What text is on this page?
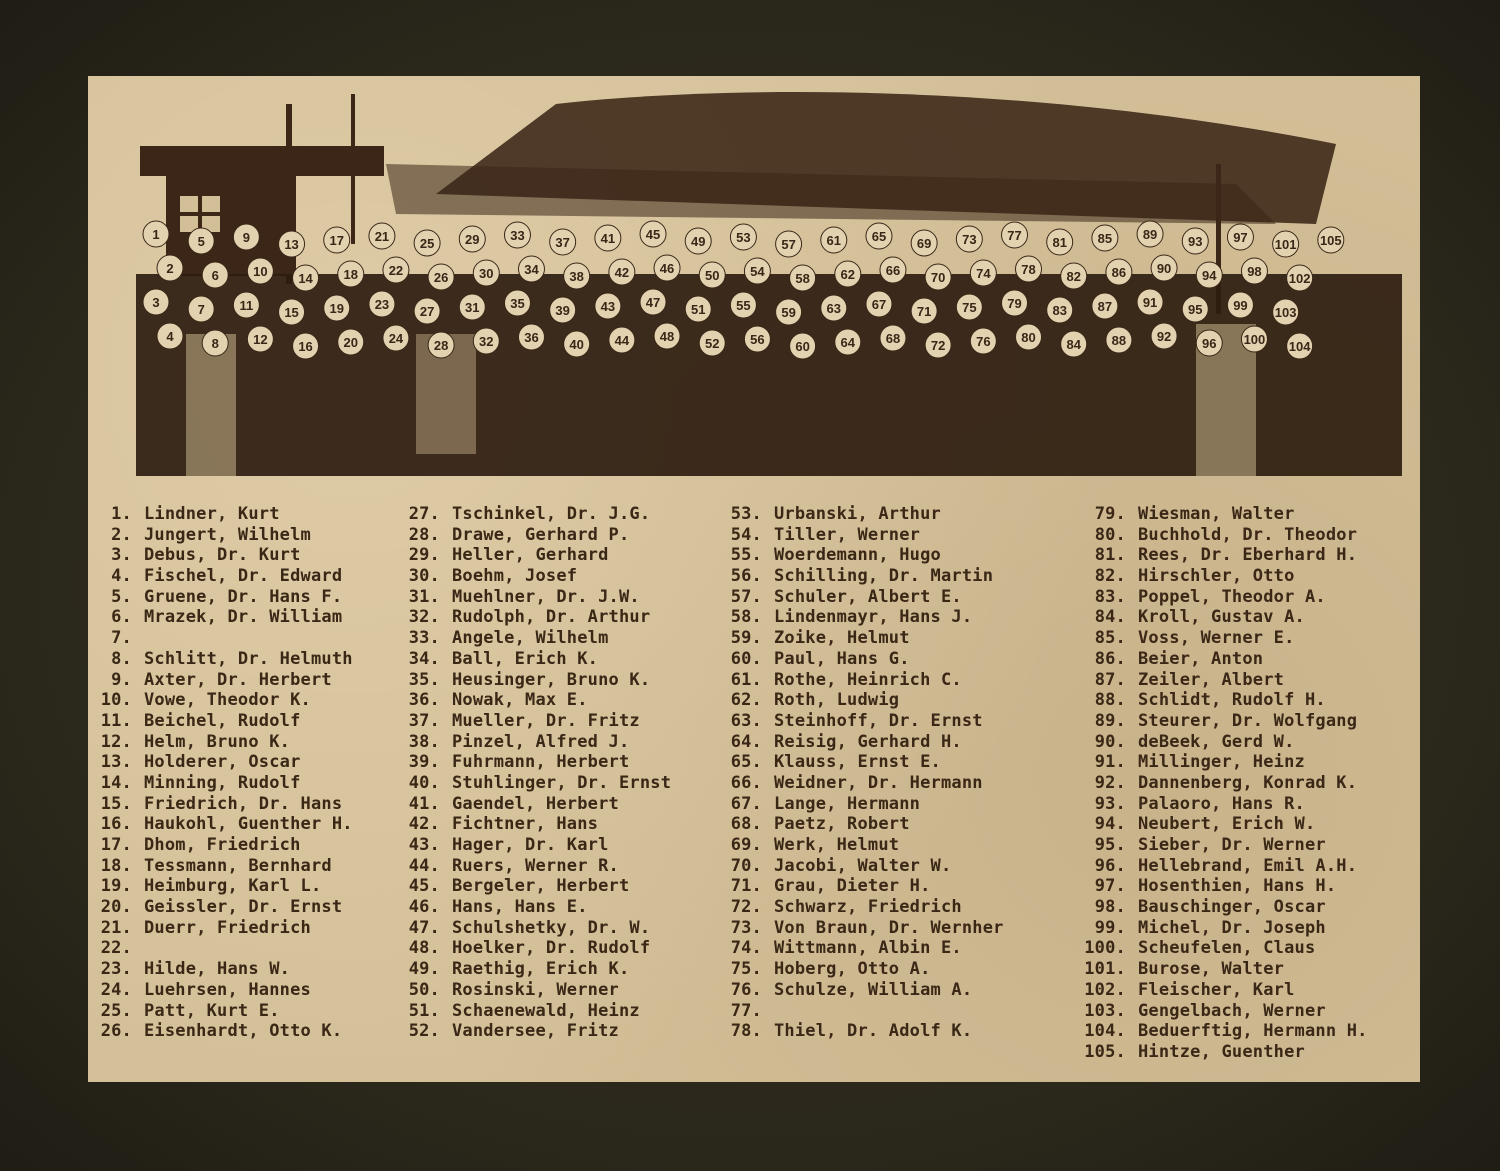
1
2
3
4
5
6
7
8
9
10
11
12
13
14
15
16
17
18
19
20
21
22
23
24
25
26
27
28
29
30
31
32
33
34
35
36
37
38
39
40
41
42
43
44
45
46
47
48
49
50
51
52
53
54
55
56
57
58
59
60
61
62
63
64
65
66
67
68
69
70
71
72
73
74
75
76
77
78
79
80
81
82
83
84
85
86
87
88
89
90
91
92
93
94
95
96
97
98
99
100
101
102
103
104
105
1. Lindner, Kurt
2. Jungert, Wilhelm
3. Debus, Dr. Kurt
4. Fischel, Dr. Edward
5. Gruene, Dr. Hans F.
6. Mrazek, Dr. William
7.
8. Schlitt, Dr. Helmuth
9. Axter, Dr. Herbert
10. Vowe, Theodor K.
11. Beichel, Rudolf
12. Helm, Bruno K.
13. Holderer, Oscar
14. Minning, Rudolf
15. Friedrich, Dr. Hans
16. Haukohl, Guenther H.
17. Dhom, Friedrich
18. Tessmann, Bernhard
19. Heimburg, Karl L.
20. Geissler, Dr. Ernst
21. Duerr, Friedrich
22.
23. Hilde, Hans W.
24. Luehrsen, Hannes
25. Patt, Kurt E.
26. Eisenhardt, Otto K.
27. Tschinkel, Dr. J.G.
28. Drawe, Gerhard P.
29. Heller, Gerhard
30. Boehm, Josef
31. Muehlner, Dr. J.W.
32. Rudolph, Dr. Arthur
33. Angele, Wilhelm
34. Ball, Erich K.
35. Heusinger, Bruno K.
36. Nowak, Max E.
37. Mueller, Dr. Fritz
38. Pinzel, Alfred J.
39. Fuhrmann, Herbert
40. Stuhlinger, Dr. Ernst
41. Gaendel, Herbert
42. Fichtner, Hans
43. Hager, Dr. Karl
44. Ruers, Werner R.
45. Bergeler, Herbert
46. Hans, Hans E.
47. Schulshetky, Dr. W.
48. Hoelker, Dr. Rudolf
49. Raethig, Erich K.
50. Rosinski, Werner
51. Schaenewald, Heinz
52. Vandersee, Fritz
53. Urbanski, Arthur
54. Tiller, Werner
55. Woerdemann, Hugo
56. Schilling, Dr. Martin
57. Schuler, Albert E.
58. Lindenmayr, Hans J.
59. Zoike, Helmut
60. Paul, Hans G.
61. Rothe, Heinrich C.
62. Roth, Ludwig
63. Steinhoff, Dr. Ernst
64. Reisig, Gerhard H.
65. Klauss, Ernst E.
66. Weidner, Dr. Hermann
67. Lange, Hermann
68. Paetz, Robert
69. Werk, Helmut
70. Jacobi, Walter W.
71. Grau, Dieter H.
72. Schwarz, Friedrich
73. Von Braun, Dr. Wernher
74. Wittmann, Albin E.
75. Hoberg, Otto A.
76. Schulze, William A.
77.
78. Thiel, Dr. Adolf K.
79. Wiesman, Walter
80. Buchhold, Dr. Theodor
81. Rees, Dr. Eberhard H.
82. Hirschler, Otto
83. Poppel, Theodor A.
84. Kroll, Gustav A.
85. Voss, Werner E.
86. Beier, Anton
87. Zeiler, Albert
88. Schlidt, Rudolf H.
89. Steurer, Dr. Wolfgang
90. deBeek, Gerd W.
91. Millinger, Heinz
92. Dannenberg, Konrad K.
93. Palaoro, Hans R.
94. Neubert, Erich W.
95. Sieber, Dr. Werner
96. Hellebrand, Emil A.H.
97. Hosenthien, Hans H.
98. Bauschinger, Oscar
99. Michel, Dr. Joseph
100. Scheufelen, Claus
101. Burose, Walter
102. Fleischer, Karl
103. Gengelbach, Werner
104. Beduerftig, Hermann H.
105. Hintze, Guenther
